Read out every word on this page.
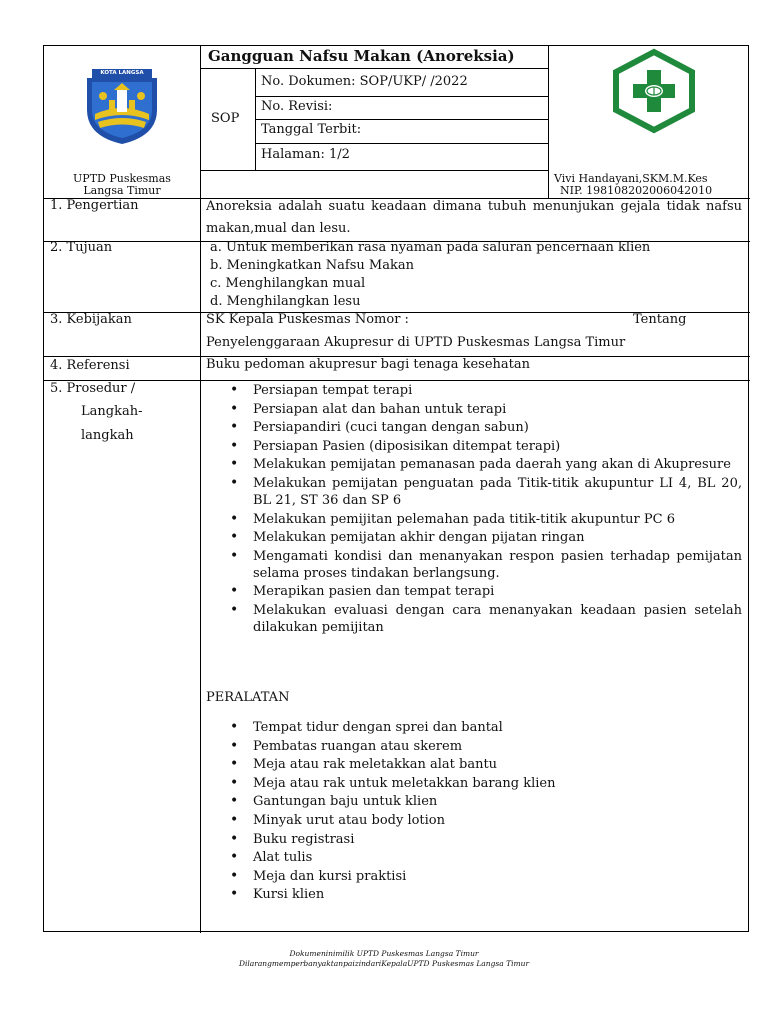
KOTA LANGSA
Gangguan Nafsu Makan (Anoreksia)
SOP
No. Dokumen: SOP/UKP/ /2022
No. Revisi:
Tanggal Terbit:
Halaman: 1/2
UPTD Puskesmas
Langsa Timur
Vivi Handayani,SKM.M.Kes
NIP. 198108202006042010
1. Pengertian	Anoreksia adalah suatu keadaan dimana tubuh menunjukan gejala tidak nafsu makan,mual dan lesu.
2. Tujuan	a. Untuk memberikan rasa nyaman pada saluran pencernaan klien
b. Meningkatkan Nafsu Makan
c. Menghilangkan mual
d. Menghilangkan lesu
3. Kebijakan	SK Kepala Puskesmas Nomor :	Tentang
Penyelenggaraan Akupresur di UPTD Puskesmas Langsa Timur
4. Referensi	Buku pedoman akupresur bagi tenaga kesehatan
5. Prosedur /
Langkah-
langkah
• Persiapan tempat terapi
• Persiapan alat dan bahan untuk terapi
• Persiapandiri (cuci tangan dengan sabun)
• Persiapan Pasien (diposisikan ditempat terapi)
• Melakukan pemijatan pemanasan pada daerah yang akan di Akupresure
• Melakukan pemijatan penguatan pada Titik-titik akupuntur LI 4, BL 20, BL 21, ST 36 dan SP 6
• Melakukan pemijitan pelemahan pada titik-titik akupuntur PC 6
• Melakukan pemijatan akhir dengan pijatan ringan
• Mengamati kondisi dan menanyakan respon pasien terhadap pemijatan selama proses tindakan berlangsung.
• Merapikan pasien dan tempat terapi
• Melakukan evaluasi dengan cara menanyakan keadaan pasien setelah dilakukan pemijitan
PERALATAN
• Tempat tidur dengan sprei dan bantal
• Pembatas ruangan atau skerem
• Meja atau rak meletakkan alat bantu
• Meja atau rak untuk meletakkan barang klien
• Gantungan baju untuk klien
• Minyak urut atau body lotion
• Buku registrasi
• Alat tulis
• Meja dan kursi praktisi
• Kursi klien
Dokumeninimilik UPTD Puskesmas Langsa Timur
DilarangmemperbanyaktanpaizindariKepalaUPTD Puskesmas Langsa Timur
